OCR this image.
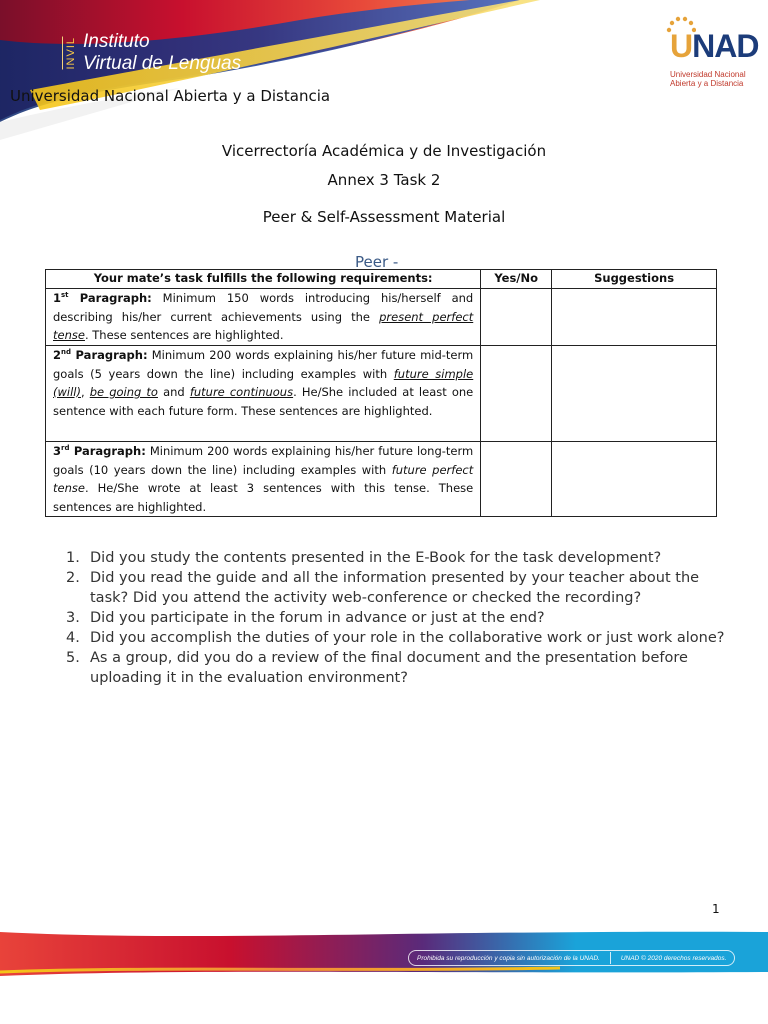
INVIL Instituto
Virtual de Lenguas	UNAD
Universidad Nacional
Abierta y a Distancia
Universidad Nacional Abierta y a Distancia
Vicerrectoría Académica y de Investigación
Annex 3 Task 2
Peer & Self-Assessment Material
Peer -
Your mate’s task fulfills the following requirements:	Yes/No	Suggestions
1st Paragraph: Minimum 150 words introducing his/herself and describing his/her current achievements using the present perfect tense. These sentences are highlighted.		
2nd Paragraph: Minimum 200 words explaining his/her future mid-term goals (5 years down the line) including examples with future simple (will), be going to and future continuous. He/She included at least one sentence with each future form. These sentences are highlighted.		
3rd Paragraph: Minimum 200 words explaining his/her future long-term goals (10 years down the line) including examples with future perfect tense. He/She wrote at least 3 sentences with this tense. These sentences are highlighted.		
1. Did you study the contents presented in the E-Book for the task development?
2. Did you read the guide and all the information presented by your teacher about the task? Did you attend the activity web-conference or checked the recording?
3. Did you participate in the forum in advance or just at the end?
4. Did you accomplish the duties of your role in the collaborative work or just work alone?
5. As a group, did you do a review of the final document and the presentation before uploading it in the evaluation environment?
1
Prohibida su reproducción y copia sin autorización de la UNAD.	UNAD © 2020 derechos reservados.
